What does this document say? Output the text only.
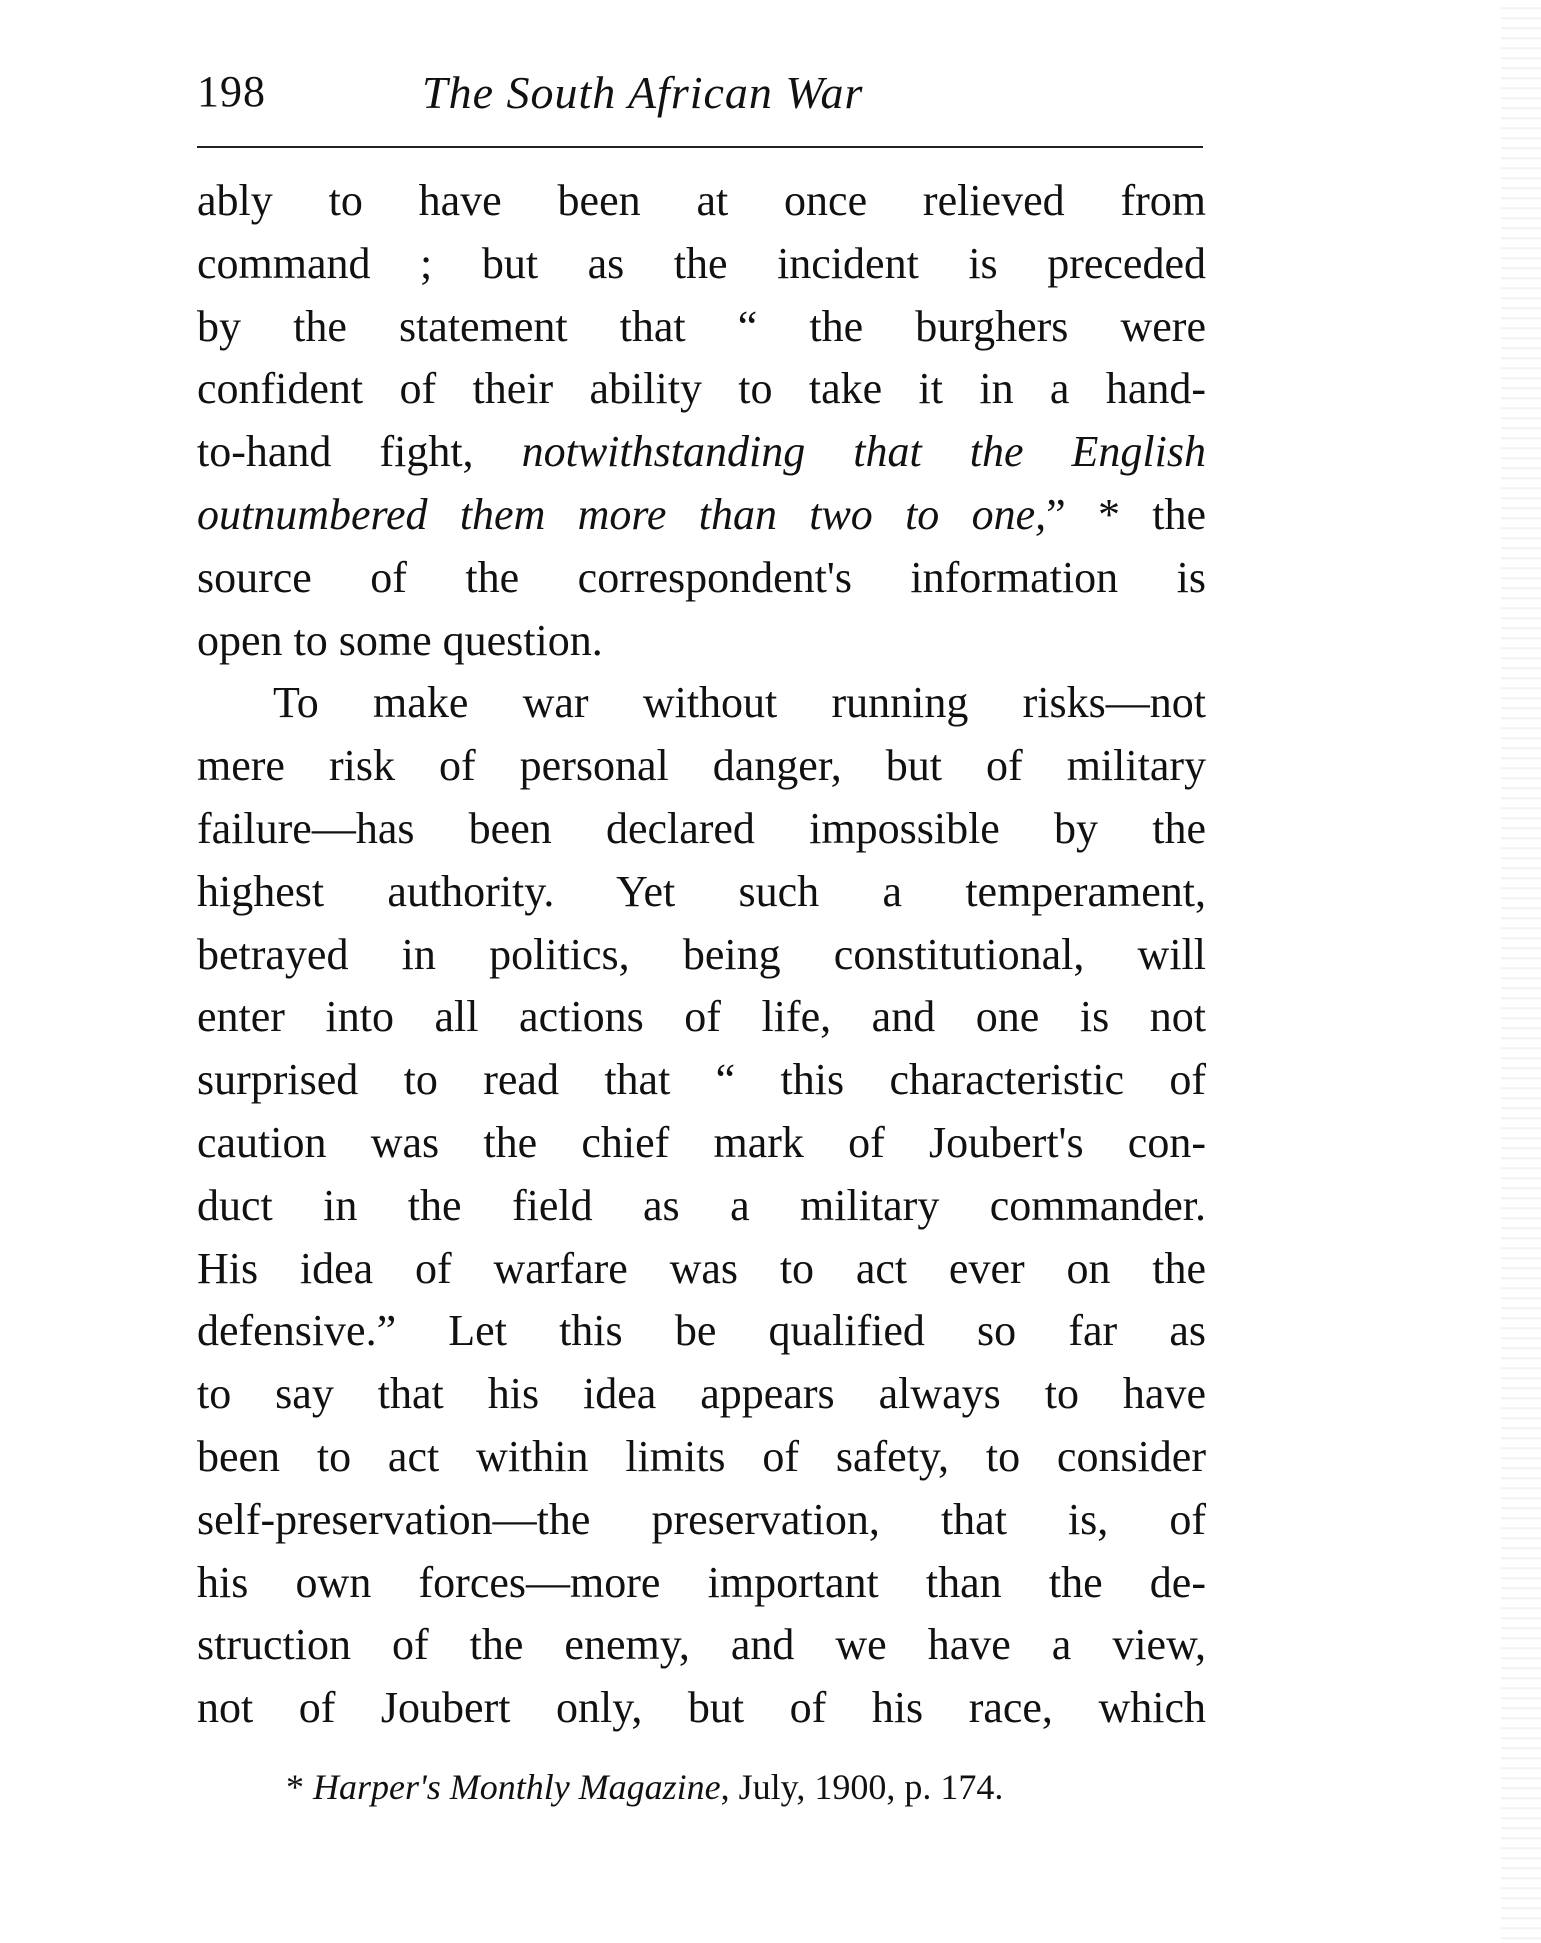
198	The South African War
ably to have been at once relieved from
command ; but as the incident is preceded
by the statement that “ the burghers were
confident of their ability to take it in a hand-
to-hand fight, notwithstanding that the English
outnumbered them more than two to one,” * the
source of the correspondent's information is
open to some question.
To make war without running risks—not
mere risk of personal danger, but of military
failure—has been declared impossible by the
highest authority. Yet such a temperament,
betrayed in politics, being constitutional, will
enter into all actions of life, and one is not
surprised to read that “ this characteristic of
caution was the chief mark of Joubert's con-
duct in the field as a military commander.
His idea of warfare was to act ever on the
defensive.” Let this be qualified so far as
to say that his idea appears always to have
been to act within limits of safety, to consider
self-preservation—the preservation, that is, of
his own forces—more important than the de-
struction of the enemy, and we have a view,
not of Joubert only, but of his race, which
* Harper's Monthly Magazine, July, 1900, p. 174.
